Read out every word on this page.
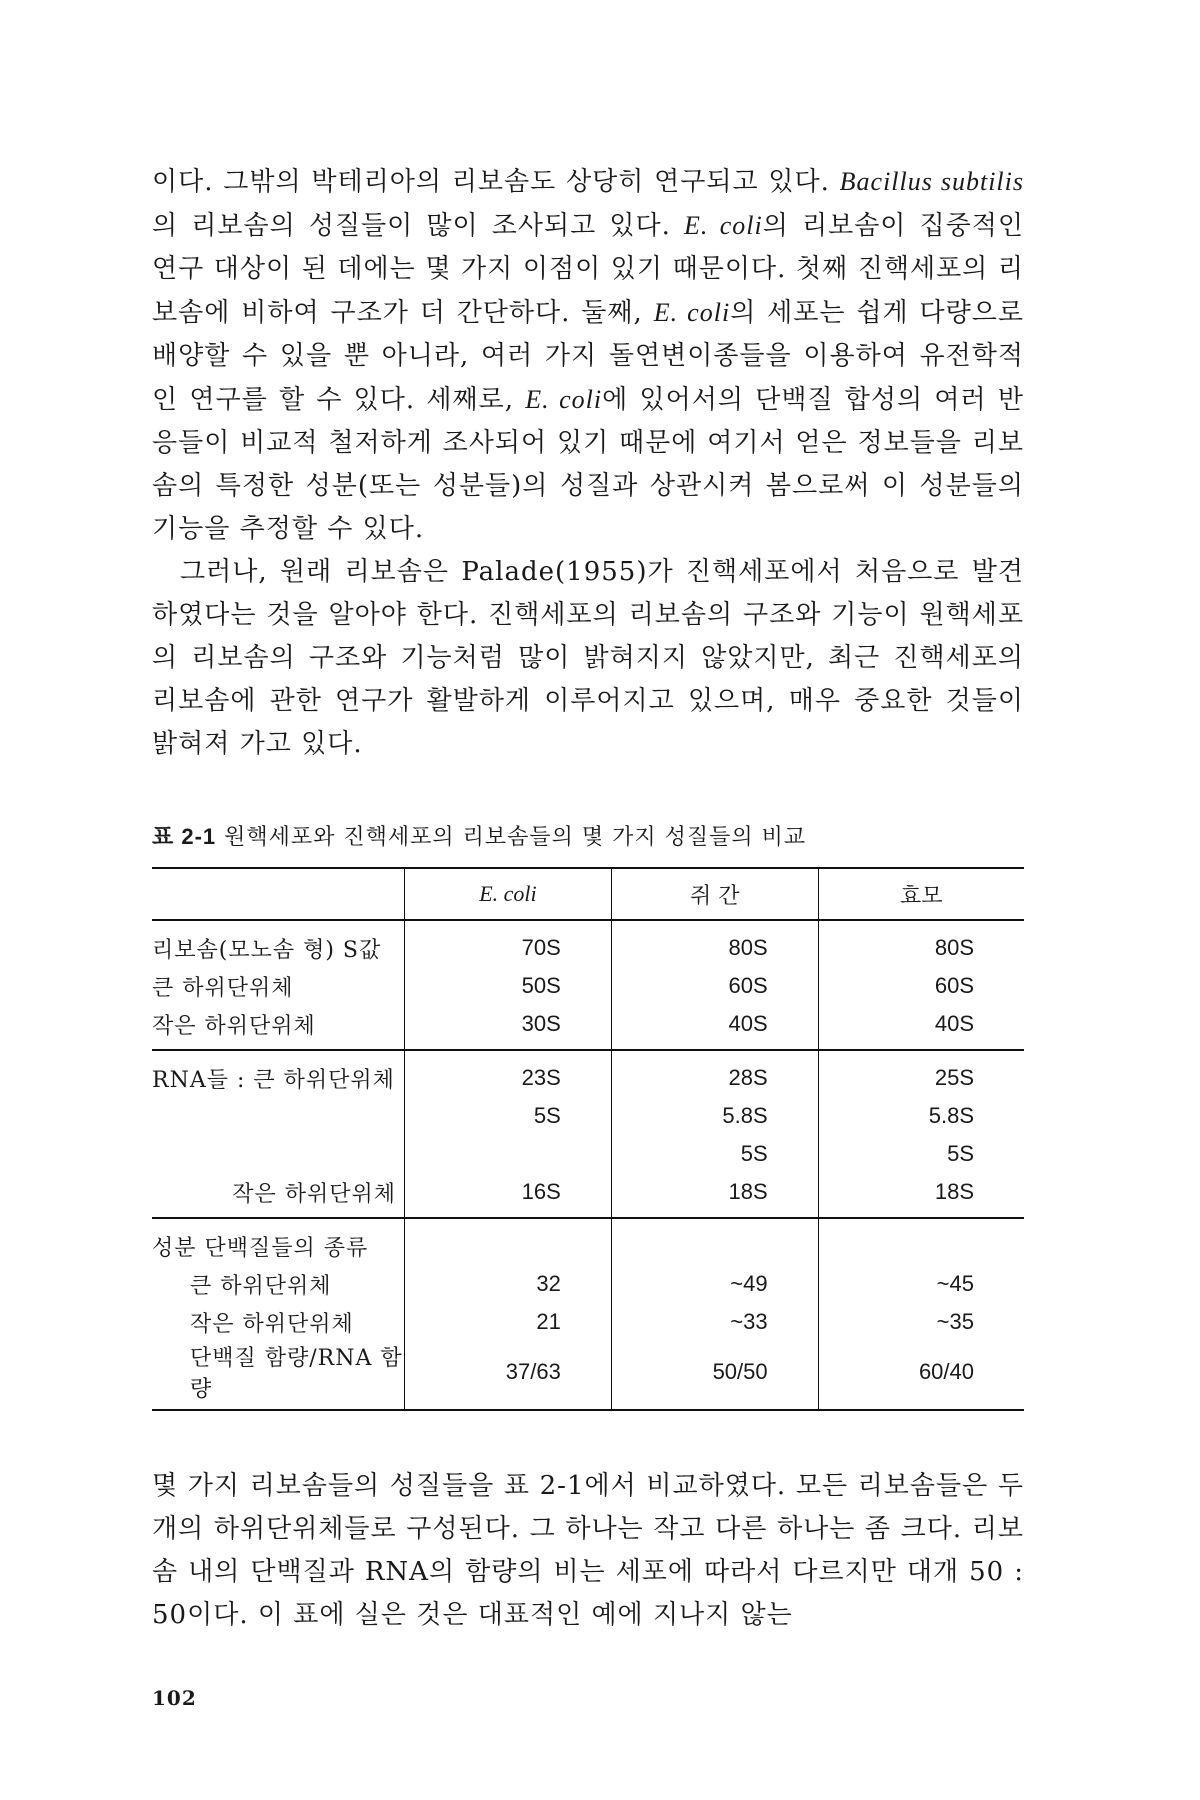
이다. 그밖의 박테리아의 리보솜도 상당히 연구되고 있다. Bacillus subtilis의 리보솜의 성질들이 많이 조사되고 있다. E. coli의 리보솜이 집중적인 연구 대상이 된 데에는 몇 가지 이점이 있기 때문이다. 첫째 진핵세포의 리보솜에 비하여 구조가 더 간단하다. 둘째, E. coli의 세포는 쉽게 다량으로 배양할 수 있을 뿐 아니라, 여러 가지 돌연변이종들을 이용하여 유전학적인 연구를 할 수 있다. 세째로, E. coli에 있어서의 단백질 합성의 여러 반응들이 비교적 철저하게 조사되어 있기 때문에 여기서 얻은 정보들을 리보솜의 특정한 성분(또는 성분들)의 성질과 상관시켜 봄으로써 이 성분들의 기능을 추정할 수 있다.

그러나, 원래 리보솜은 Palade(1955)가 진핵세포에서 처음으로 발견하였다는 것을 알아야 한다. 진핵세포의 리보솜의 구조와 기능이 원핵세포의 리보솜의 구조와 기능처럼 많이 밝혀지지 않았지만, 최근 진핵세포의 리보솜에 관한 연구가 활발하게 이루어지고 있으며, 매우 중요한 것들이 밝혀져 가고 있다.

표 2-1 원핵세포와 진핵세포의 리보솜들의 몇 가지 성질들의 비교
	E. coli	쥐 간	효모
리보솜(모노솜 형) S값	70S	80S	80S
큰 하위단위체	50S	60S	60S
작은 하위단위체	30S	40S	40S
RNA들 : 큰 하위단위체	23S	28S	25S
	5S	5.8S	5.8S
		5S	5S
작은 하위단위체	16S	18S	18S
성분 단백질들의 종류			
큰 하위단위체	32	~49	~45
작은 하위단위체	21	~33	~35
단백질 함량/RNA 함량	37/63	50/50	60/40

몇 가지 리보솜들의 성질들을 표 2-1에서 비교하였다. 모든 리보솜들은 두 개의 하위단위체들로 구성된다. 그 하나는 작고 다른 하나는 좀 크다. 리보솜 내의 단백질과 RNA의 함량의 비는 세포에 따라서 다르지만 대개 50 : 50이다. 이 표에 실은 것은 대표적인 예에 지나지 않는

102
